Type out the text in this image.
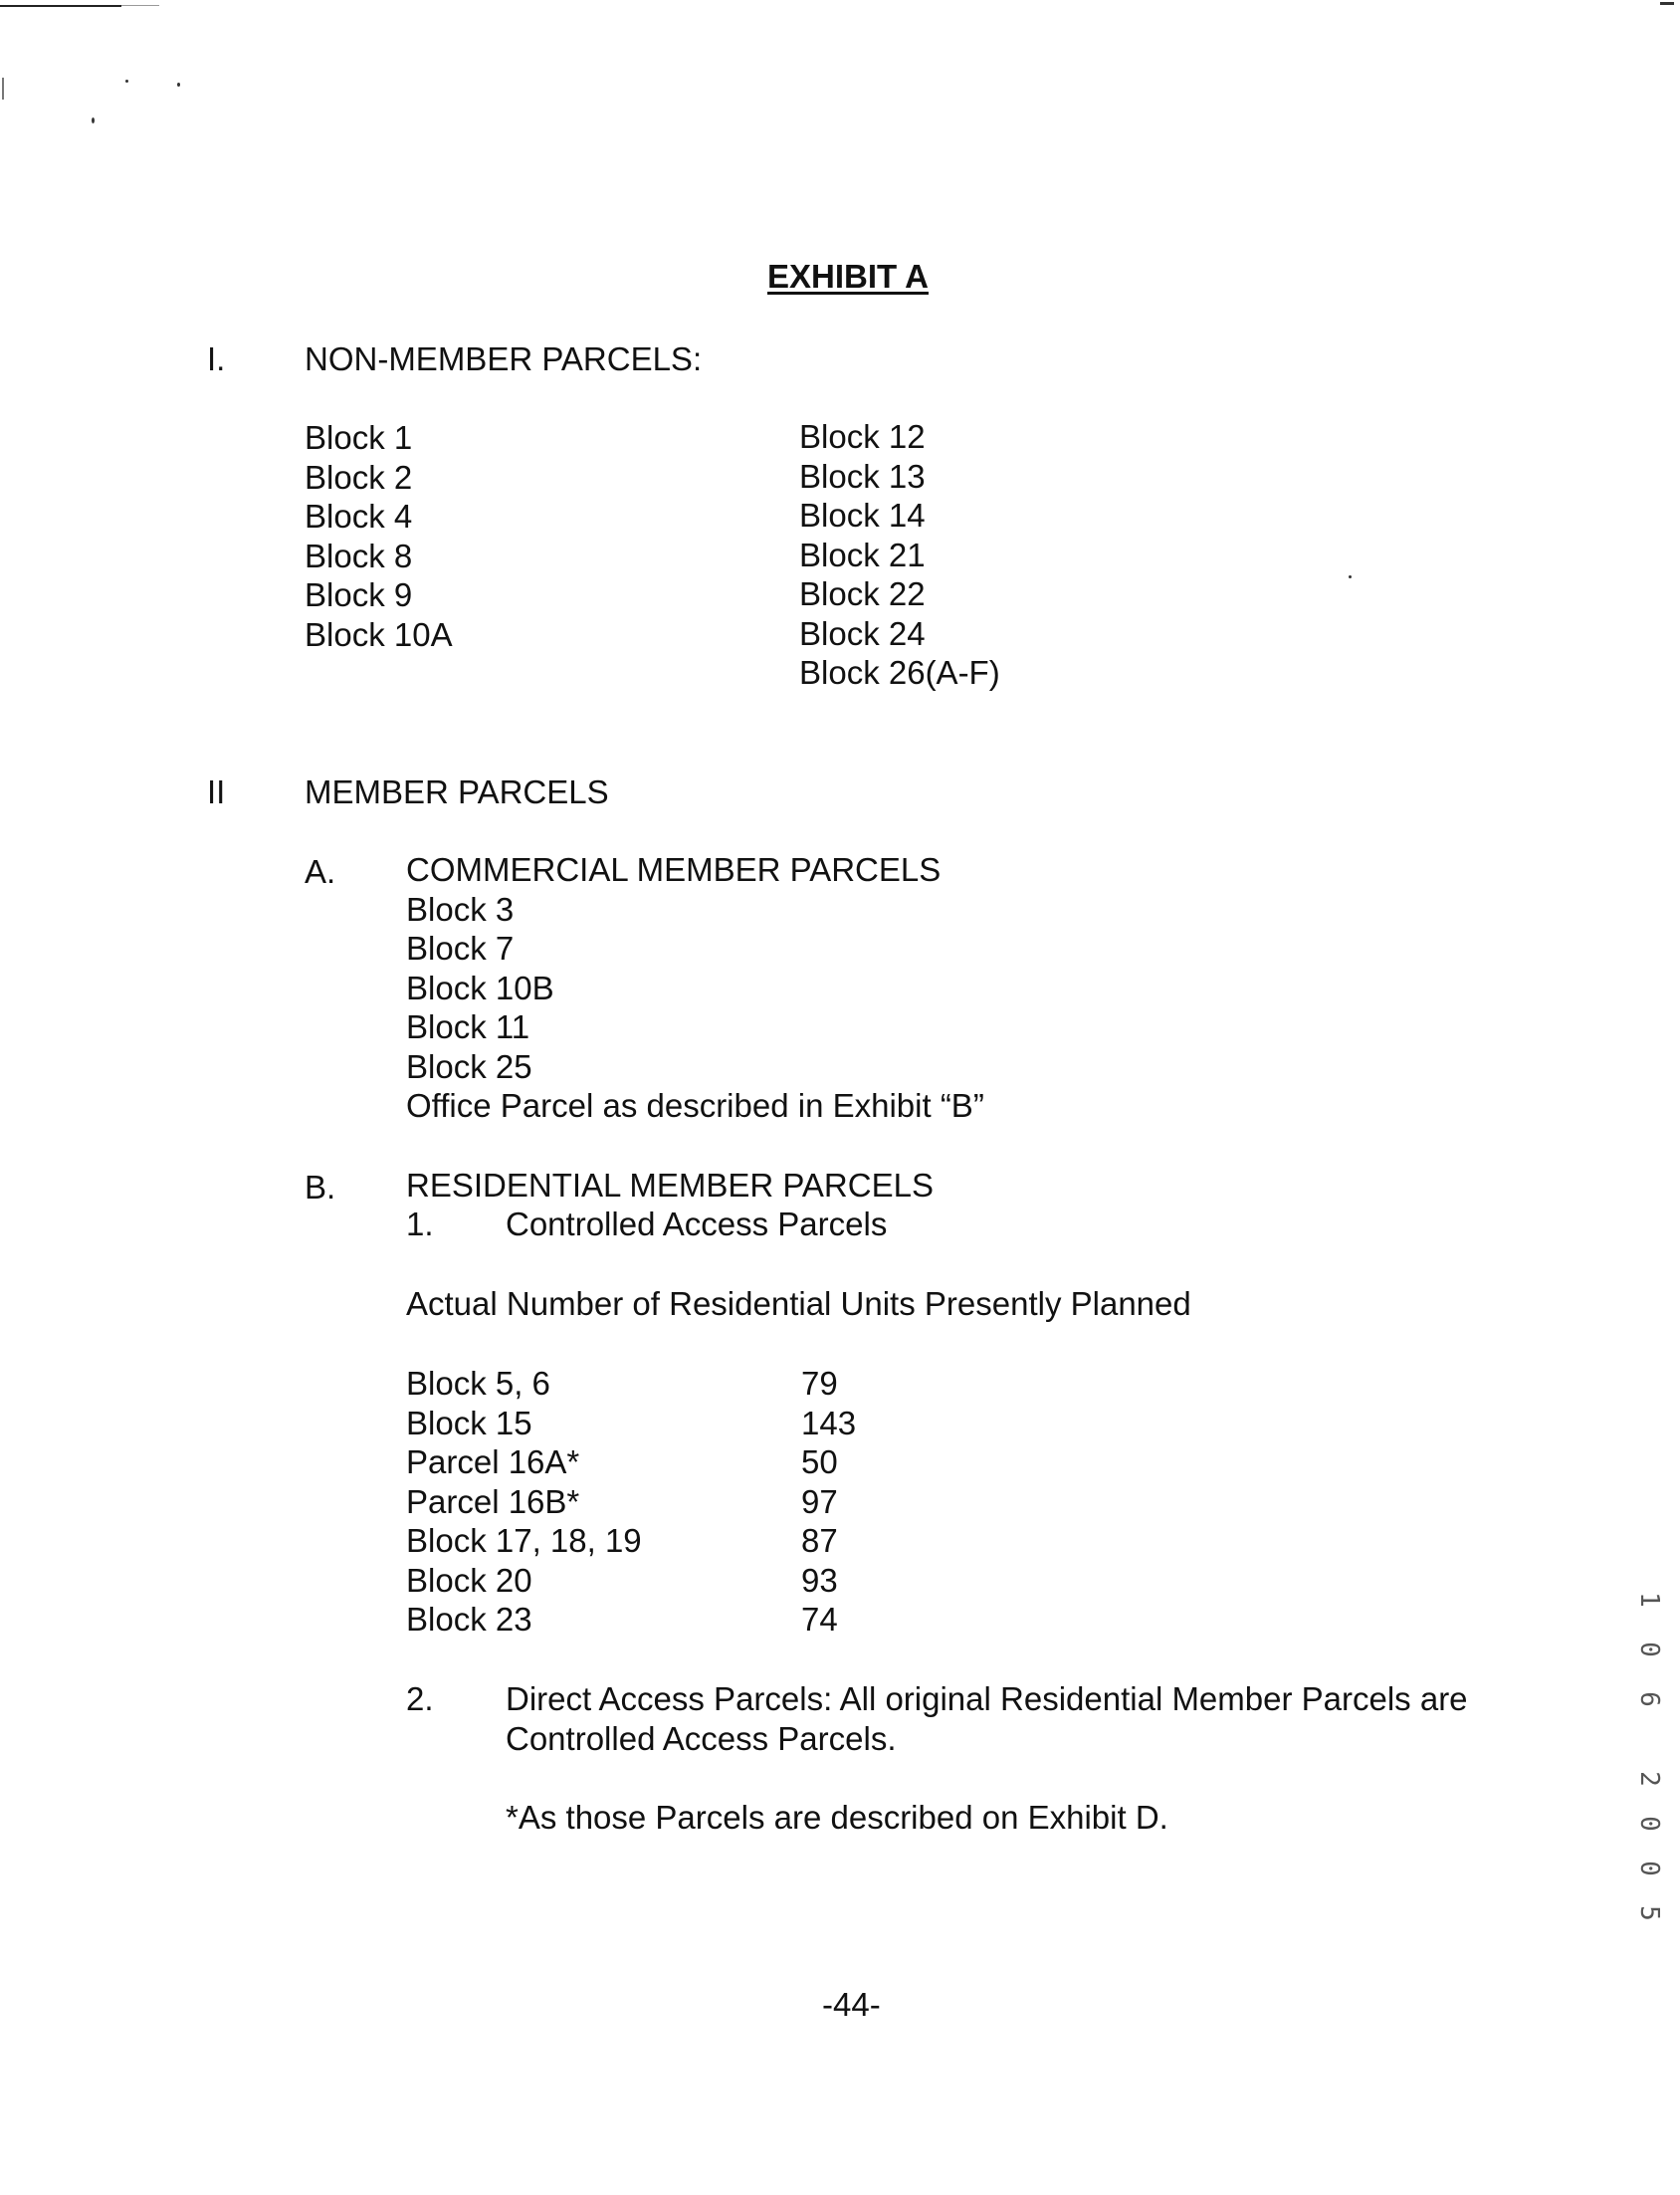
EXHIBIT A
I. NON-MEMBER PARCELS:
Block 1
Block 2
Block 4
Block 8
Block 9
Block 10A
Block 12
Block 13
Block 14
Block 21
Block 22
Block 24
Block 26(A-F)
II MEMBER PARCELS
A. COMMERCIAL MEMBER PARCELS
Block 3
Block 7
Block 10B
Block 11
Block 25
Office Parcel as described in Exhibit “B”
B. RESIDENTIAL MEMBER PARCELS
1. Controlled Access Parcels
Actual Number of Residential Units Presently Planned
Block 5, 6
Block 15
Parcel 16A*
Parcel 16B*
Block 17, 18, 19
Block 20
Block 23
79
143
50
97
87
93
74
2. Direct Access Parcels: All original Residential Member Parcels are
Controlled Access Parcels.
*As those Parcels are described on Exhibit D.
-44-
1
0
6
2
0
0
5
